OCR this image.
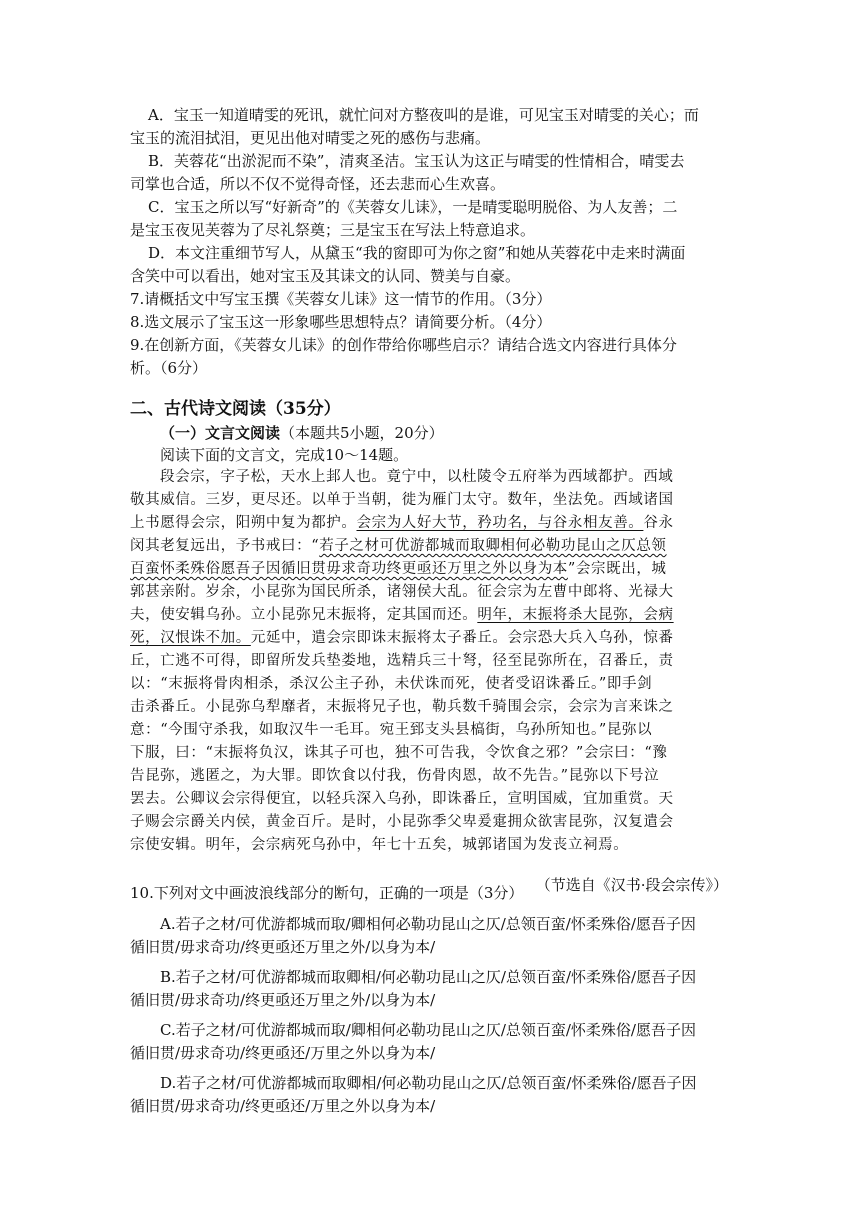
A．宝玉一知道晴雯的死讯，就忙问对方整夜叫的是谁，可见宝玉对晴雯的关心；而

宝玉的流泪拭泪，更见出他对晴雯之死的感伤与悲痛。

B．芙蓉花“出淤泥而不染”，清爽圣洁。宝玉认为这正与晴雯的性情相合，晴雯去

司掌也合适，所以不仅不觉得奇怪，还去悲而心生欢喜。

C．宝玉之所以写“好新奇”的《芙蓉女儿诔》，一是晴雯聪明脱俗、为人友善；二

是宝玉夜见芙蓉为了尽礼祭奠；三是宝玉在写法上特意追求。

D．本文注重细节写人，从黛玉“我的窗即可为你之窗”和她从芙蓉花中走来时满面

含笑中可以看出，她对宝玉及其诔文的认同、赞美与自豪。

7.请概括文中写宝玉撰《芙蓉女儿诔》这一情节的作用。（3分）

8.选文展示了宝玉这一形象哪些思想特点？请简要分析。（4分）

9.在创新方面，《芙蓉女儿诔》的创作带给你哪些启示？请结合选文内容进行具体分

析。（6分）

二、古代诗文阅读（35分）

（一）文言文阅读（本题共5小题，20分）

阅读下面的文言文，完成10～14题。

段会宗，字子松，天水上邽人也。竟宁中，以杜陵令五府举为西域都护。西域

敬其威信。三岁，更尽还。以单于当朝，徙为雁门太守。数年，坐法免。西域诸国

上书愿得会宗，阳朔中复为都护。会宗为人好大节，矜功名，与谷永相友善。谷永

闵其老复远出，予书戒曰：“若子之材可优游都城而取卿相何必勒功昆山之仄总领

百蛮怀柔殊俗愿吾子因循旧贯毋求奇功终更亟还万里之外以身为本”会宗既出，城

郭甚亲附。岁余，小昆弥为国民所杀，诸翎侯大乱。征会宗为左曹中郎将、光禄大

夫，使安辑乌孙。立小昆弥兄末振将，定其国而还。明年，末振将杀大昆弥，会病

死，汉恨诛不加。元延中，遣会宗即诛末振将太子番丘。会宗恐大兵入乌孙，惊番

丘，亡逃不可得，即留所发兵垫娄地，选精兵三十弩，径至昆弥所在，召番丘，责

以：“末振将骨肉相杀，杀汉公主子孙，未伏诛而死，使者受诏诛番丘。”即手剑

击杀番丘。小昆弥乌犁靡者，末振将兄子也，勒兵数千骑围会宗，会宗为言来诛之

意：“今围守杀我，如取汉牛一毛耳。宛王郅支头县槁街，乌孙所知也。”昆弥以

下服，曰：“末振将负汉，诛其子可也，独不可告我，令饮食之邪？”会宗曰：“豫

告昆弥，逃匿之，为大罪。即饮食以付我，伤骨肉恩，故不先告。”昆弥以下号泣

罢去。公卿议会宗得便宜，以轻兵深入乌孙，即诛番丘，宣明国威，宜加重赏。天

子赐会宗爵关内侯，黄金百斤。是时，小昆弥季父卑爰疐拥众欲害昆弥，汉复遣会

宗使安辑。明年，会宗病死乌孙中，年七十五矣，城郭诸国为发丧立祠焉。

（节选自《汉书·段会宗传》）

10.下列对文中画波浪线部分的断句，正确的一项是（3分）

A.若子之材/可优游都城而取/卿相何必勒功昆山之仄/总领百蛮/怀柔殊俗/愿吾子因

循旧贯/毋求奇功/终更亟还万里之外/以身为本/

B.若子之材/可优游都城而取卿相/何必勒功昆山之仄/总领百蛮/怀柔殊俗/愿吾子因

循旧贯/毋求奇功/终更亟还万里之外/以身为本/

C.若子之材/可优游都城而取/卿相何必勒功昆山之仄/总领百蛮/怀柔殊俗/愿吾子因

循旧贯/毋求奇功/终更亟还/万里之外以身为本/

D.若子之材/可优游都城而取卿相/何必勒功昆山之仄/总领百蛮/怀柔殊俗/愿吾子因

循旧贯/毋求奇功/终更亟还/万里之外以身为本/
